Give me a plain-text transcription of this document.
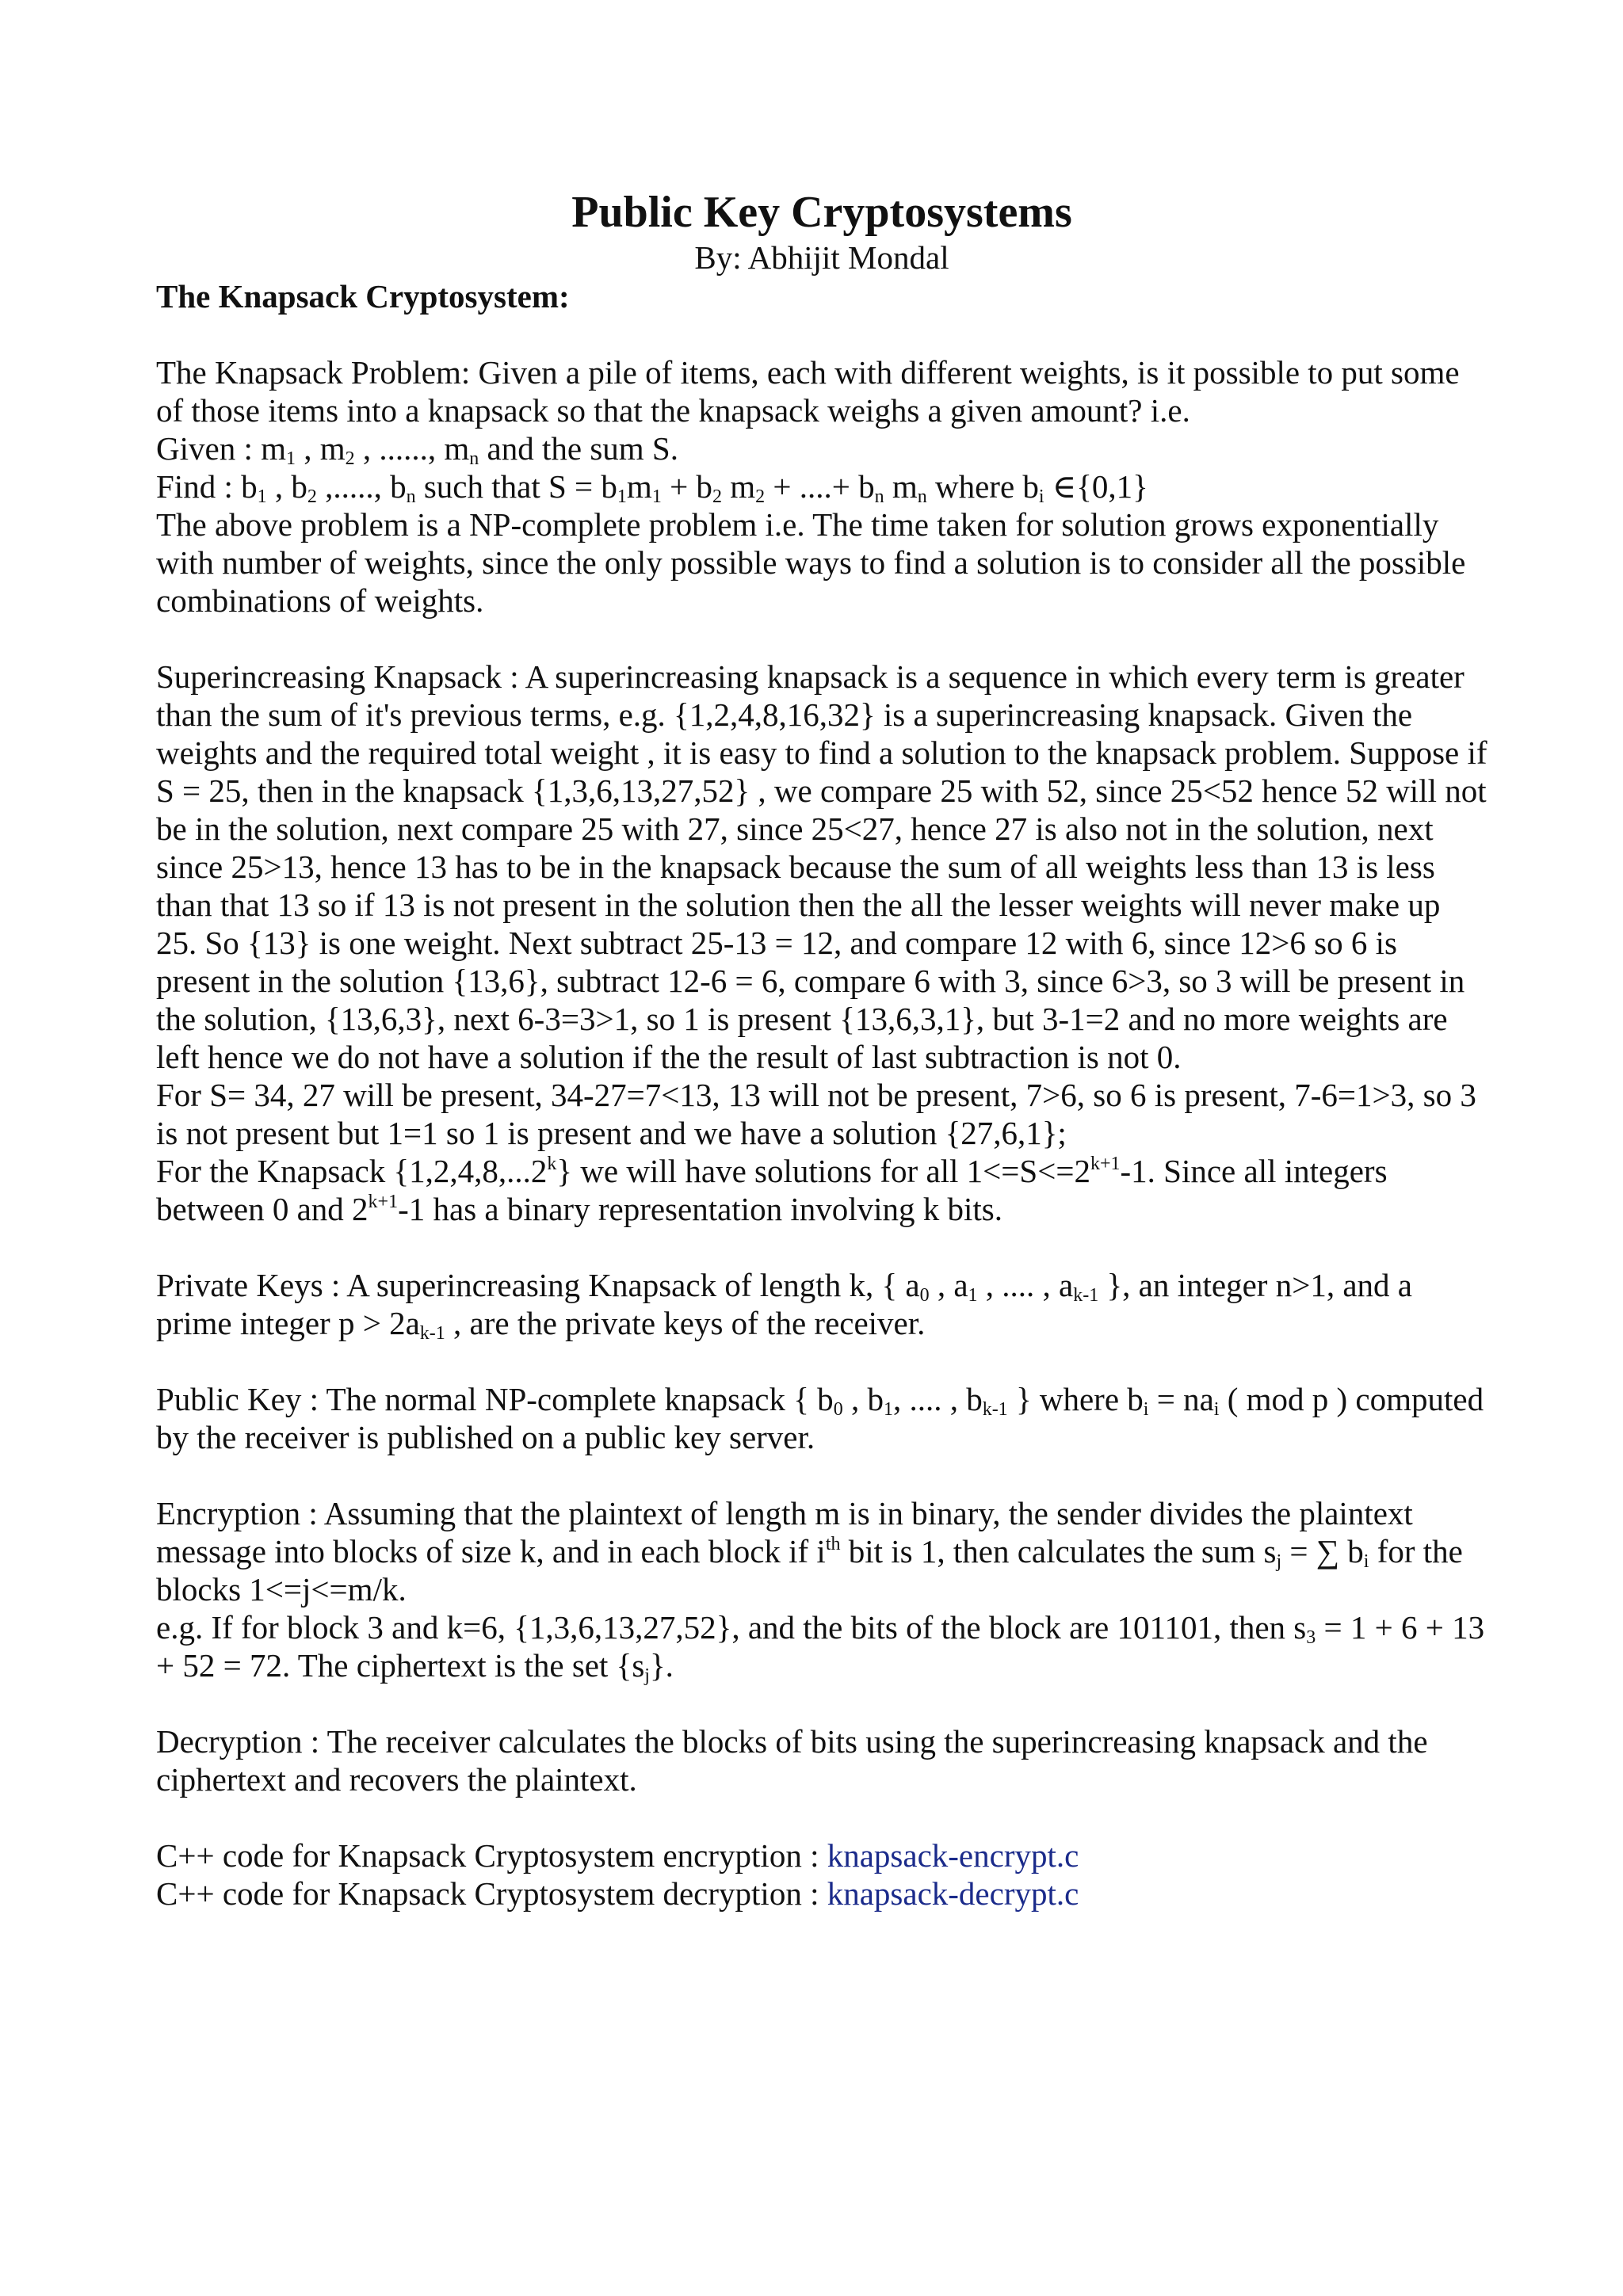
Public Key Cryptosystems

By: Abhijit Mondal

The Knapsack Cryptosystem:

The Knapsack Problem: Given a pile of items, each with different weights, is it possible to put some of those items into a knapsack so that the knapsack weighs a given amount? i.e.

Given : $m_1$ , $m_2$ , ......, $m_n$ and the sum S.

Find : $b_1$ , $b_2$ ,....., $b_n$ such that $S = b_1m_1 + b_2$ $m_2$ + ....+ $b_n$ $m_n$ where $b_i$ ∈{0,1}

The above problem is a NP-complete problem i.e. The time taken for solution grows exponentially with number of weights, since the only possible ways to find a solution is to consider all the possible combinations of weights.

Superincreasing Knapsack : A superincreasing knapsack is a sequence in which every term is greater than the sum of it's previous terms, e.g. {1,2,4,8,16,32} is a superincreasing knapsack. Given the weights and the required total weight , it is easy to find a solution to the knapsack problem. Suppose if S = 25, then in the knapsack {1,3,6,13,27,52} , we compare 25 with 52, since 25<52 hence 52 will not be in the solution, next compare 25 with 27, since 25<27, hence 27 is also not in the solution, next since 25>13, hence 13 has to be in the knapsack because the sum of all weights less than 13 is less than that 13 so if 13 is not present in the solution then the all the lesser weights will never make up 25. So {13} is one weight. Next subtract 25-13 = 12, and compare 12 with 6, since 12>6 so 6 is present in the solution {13,6}, subtract 12-6 = 6, compare 6 with 3, since 6>3, so 3 will be present in the solution, {13,6,3}, next 6-3=3>1, so 1 is present {13,6,3,1}, but 3-1=2 and no more weights are left hence we do not have a solution if the the result of last subtraction is not 0.

For S= 34, 27 will be present, 34-27=7<13, 13 will not be present, 7>6, so 6 is present, 7-6=1>3, so 3 is not present but 1=1 so 1 is present and we have a solution {27,6,1};

For the Knapsack {1,2,4,8,...2$^k$} we will have solutions for all $1<=S<=2^{k+1}-1$. Since all integers between 0 and $2^{k+1}-1$ has a binary representation involving k bits.

Private Keys : A superincreasing Knapsack of length k, { $a_0$ , $a_1$ , .... , $a_{k-1}$ }, an integer n>1, and a prime integer $p > 2a_{k-1}$ , are the private keys of the receiver.

Public Key : The normal NP-complete knapsack { $b_0$ , $b_1$, .... , $b_{k-1}$ } where $b_i = na_i$ ( mod p ) computed by the receiver is published on a public key server.

Encryption : Assuming that the plaintext of length m is in binary, the sender divides the plaintext message into blocks of size k, and in each block if $i^{th}$ bit is 1, then calculates the sum $s_j$ = ∑ $b_i$ for the blocks 1<=j<=m/k.

e.g. If for block 3 and k=6, {1,3,6,13,27,52}, and the bits of the block are 101101, then $s_3 = 1 + 6 + 13 + 52 = 72$. The ciphertext is the set $\{s_j\}$.

Decryption : The receiver calculates the blocks of bits using the superincreasing knapsack and the ciphertext and recovers the plaintext.

C++ code for Knapsack Cryptosystem encryption : knapsack-encrypt.c

C++ code for Knapsack Cryptosystem decryption : knapsack-decrypt.c
